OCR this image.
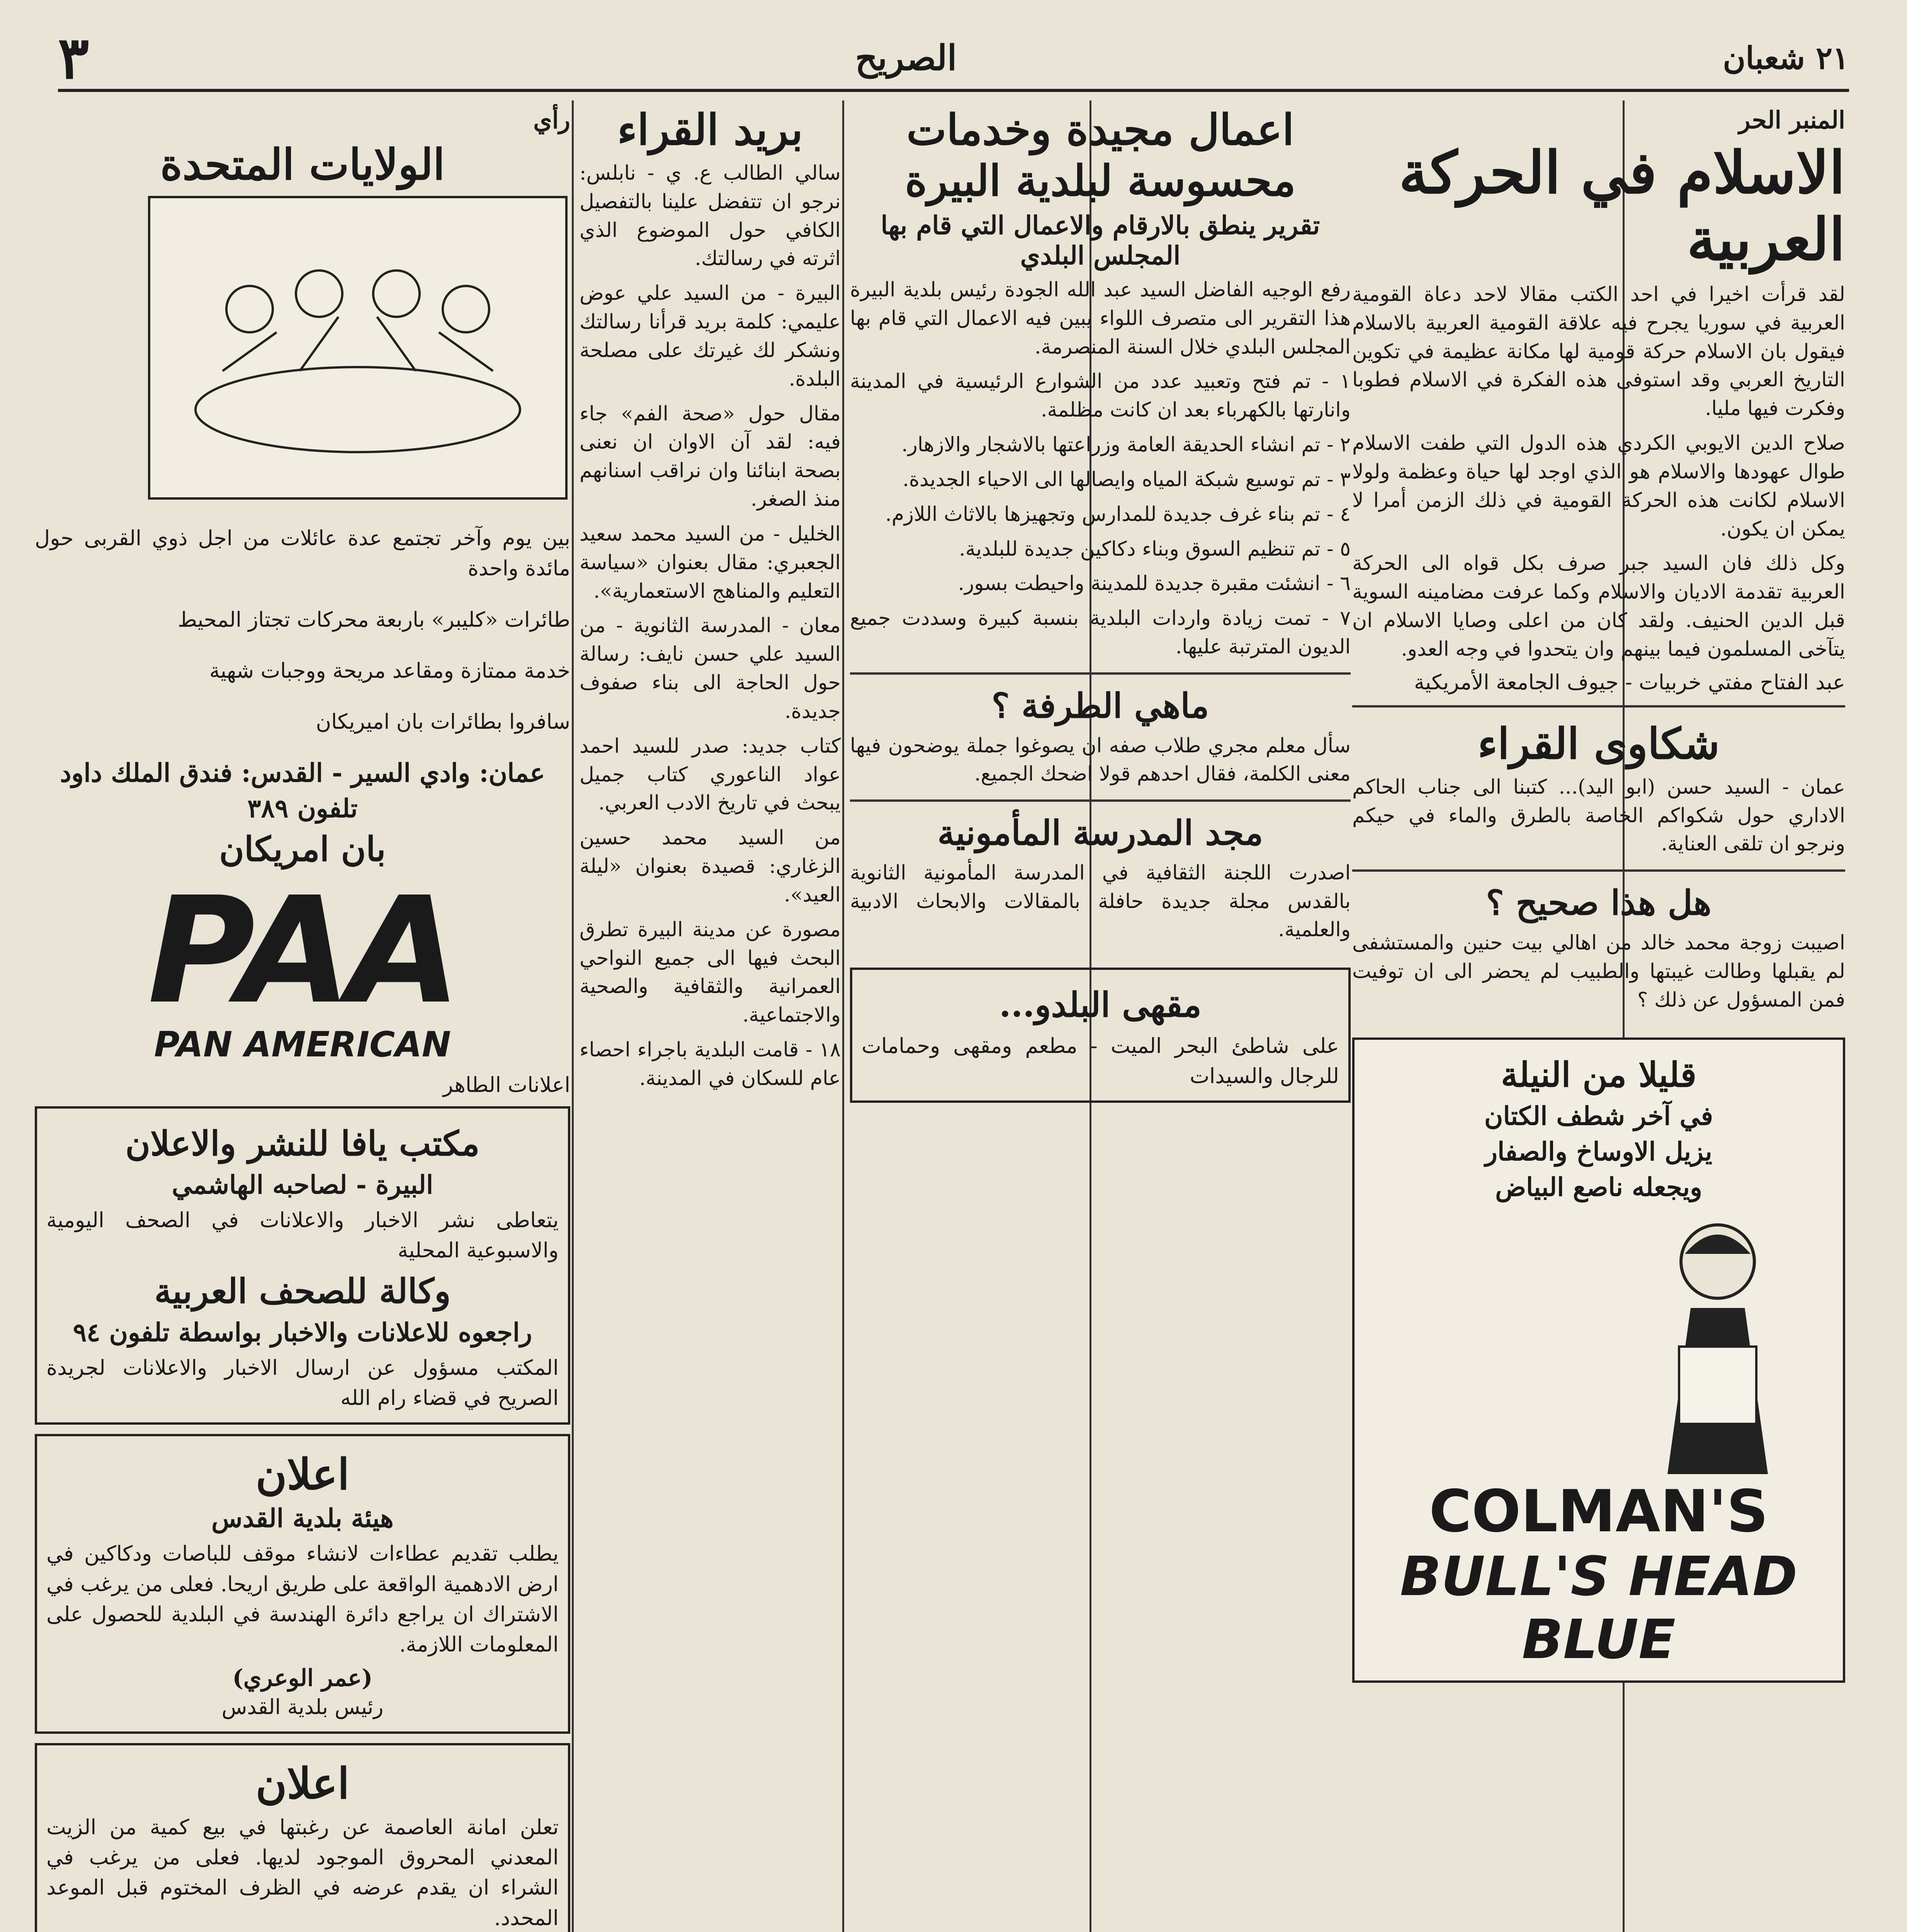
٢١ شعبان
الصريح
٣
المنبر الحر
الاسلام في الحركة العربية

لقد قرأت اخيرا في احد الكتب مقالا لاحد دعاة القومية العربية في سوريا يجرح فيه علاقة القومية العربية بالاسلام فيقول بان الاسلام حركة قومية لها مكانة عظيمة في تكوين التاريخ العربي وقد استوفى هذه الفكرة في الاسلام فطوبا وفكرت فيها مليا.

صلاح الدين الايوبي الكردي هذه الدول التي طفت الاسلام طوال عهودها والاسلام هو الذي اوجد لها حياة وعظمة ولولا الاسلام لكانت هذه الحركة القومية في ذلك الزمن أمرا لا يمكن ان يكون.

وكل ذلك فان السيد جبر صرف بكل قواه الى الحركة العربية تقدمة الاديان والاسلام وكما عرفت مضامينه السوية قبل الدين الحنيف. ولقد كان من اعلى وصايا الاسلام ان يتآخى المسلمون فيما بينهم وان يتحدوا في وجه العدو.

عبد الفتاح مفتي خربيات - جيوف الجامعة الأمريكية
شكاوى القراء
عمان - السيد حسن (ابو اليد)... كتبنا الى جناب الحاكم الاداري حول شكواكم الخاصة بالطرق والماء في حيكم ونرجو ان تلقى العناية.
هل هذا صحيح ؟
اصيبت زوجة محمد خالد من اهالي بيت حنين والمستشفى لم يقبلها وطالت غيبتها والطبيب لم يحضر الى ان توفيت فمن المسؤول عن ذلك ؟
قليلا من النيلة
في آخر شطف الكتان
يزيل الاوساخ والصفار
ويجعله ناصع البياض
COLMAN'S
BULL'S HEAD BLUE
اعمال مجيدة وخدمات محسوسة لبلدية البيرة
تقرير ينطق بالارقام والاعمال التي قام بها المجلس البلدي

رفع الوجيه الفاضل السيد عبد الله الجودة رئيس بلدية البيرة هذا التقرير الى متصرف اللواء يبين فيه الاعمال التي قام بها المجلس البلدي خلال السنة المنصرمة.

١ - تم فتح وتعبيد عدد من الشوارع الرئيسية في المدينة وانارتها بالكهرباء بعد ان كانت مظلمة.

٢ - تم انشاء الحديقة العامة وزراعتها بالاشجار والازهار.

٣ - تم توسيع شبكة المياه وايصالها الى الاحياء الجديدة.

٤ - تم بناء غرف جديدة للمدارس وتجهيزها بالاثاث اللازم.

٥ - تم تنظيم السوق وبناء دكاكين جديدة للبلدية.

٦ - انشئت مقبرة جديدة للمدينة واحيطت بسور.

٧ - تمت زيادة واردات البلدية بنسبة كبيرة وسددت جميع الديون المترتبة عليها.

ماهي الطرفة ؟
سأل معلم مجري طلاب صفه ان يصوغوا جملة يوضحون فيها معنى الكلمة، فقال احدهم قولا اضحك الجميع.
مجد المدرسة المأمونية
اصدرت اللجنة الثقافية في المدرسة المأمونية الثانوية بالقدس مجلة جديدة حافلة بالمقالات والابحاث الادبية والعلمية.
مقهى البلدو...
على شاطئ البحر الميت - مطعم ومقهى وحمامات للرجال والسيدات
بريد القراء

سالي الطالب ع. ي - نابلس: نرجو ان تتفضل علينا بالتفصيل الكافي حول الموضوع الذي اثرته في رسالتك.

البيرة - من السيد علي عوض عليمي: كلمة بريد قرأنا رسالتك ونشكر لك غيرتك على مصلحة البلدة.

مقال حول «صحة الفم» جاء فيه: لقد آن الاوان ان نعنى بصحة ابنائنا وان نراقب اسنانهم منذ الصغر.

الخليل - من السيد محمد سعيد الجعبري: مقال بعنوان «سياسة التعليم والمناهج الاستعمارية».

معان - المدرسة الثانوية - من السيد علي حسن نايف: رسالة حول الحاجة الى بناء صفوف جديدة.

كتاب جديد: صدر للسيد احمد عواد الناعوري كتاب جميل يبحث في تاريخ الادب العربي.

من السيد محمد حسين الزغاري: قصيدة بعنوان «ليلة العيد».

مصورة عن مدينة البيرة تطرق البحث فيها الى جميع النواحي العمرانية والثقافية والصحية والاجتماعية.

١٨ - قامت البلدية باجراء احصاء عام للسكان في المدينة.

رأي
الولايات المتحدة

بين يوم وآخر تجتمع عدة عائلات من اجل ذوي القربى حول مائدة واحدة

طائرات «كليبر» باربعة محركات تجتاز المحيط

خدمة ممتازة ومقاعد مريحة ووجبات شهية

سافروا بطائرات بان اميريكان

عمان: وادي السير - القدس: فندق الملك داود
تلفون ٣٨٩
بان امريكان
PAA
PAN AMERICAN
اعلانات الطاهر
مكتب يافا للنشر والاعلان
البيرة - لصاحبه الهاشمي
يتعاطى نشر الاخبار والاعلانات في الصحف اليومية والاسبوعية المحلية
وكالة للصحف العربية
راجعوه للاعلانات والاخبار بواسطة تلفون ٩٤
المكتب مسؤول عن ارسال الاخبار والاعلانات لجريدة الصريح في قضاء رام الله
اعلان
هيئة بلدية القدس
يطلب تقديم عطاءات لانشاء موقف للباصات ودكاكين في ارض الادهمية الواقعة على طريق اريحا. فعلى من يرغب في الاشتراك ان يراجع دائرة الهندسة في البلدية للحصول على المعلومات اللازمة.
(عمر الوعري)
رئيس بلدية القدس
اعلان
تعلن امانة العاصمة عن رغبتها في بيع كمية من الزيت المعدني المحروق الموجود لديها. فعلى من يرغب في الشراء ان يقدم عرضه في الظرف المختوم قبل الموعد المحدد.
